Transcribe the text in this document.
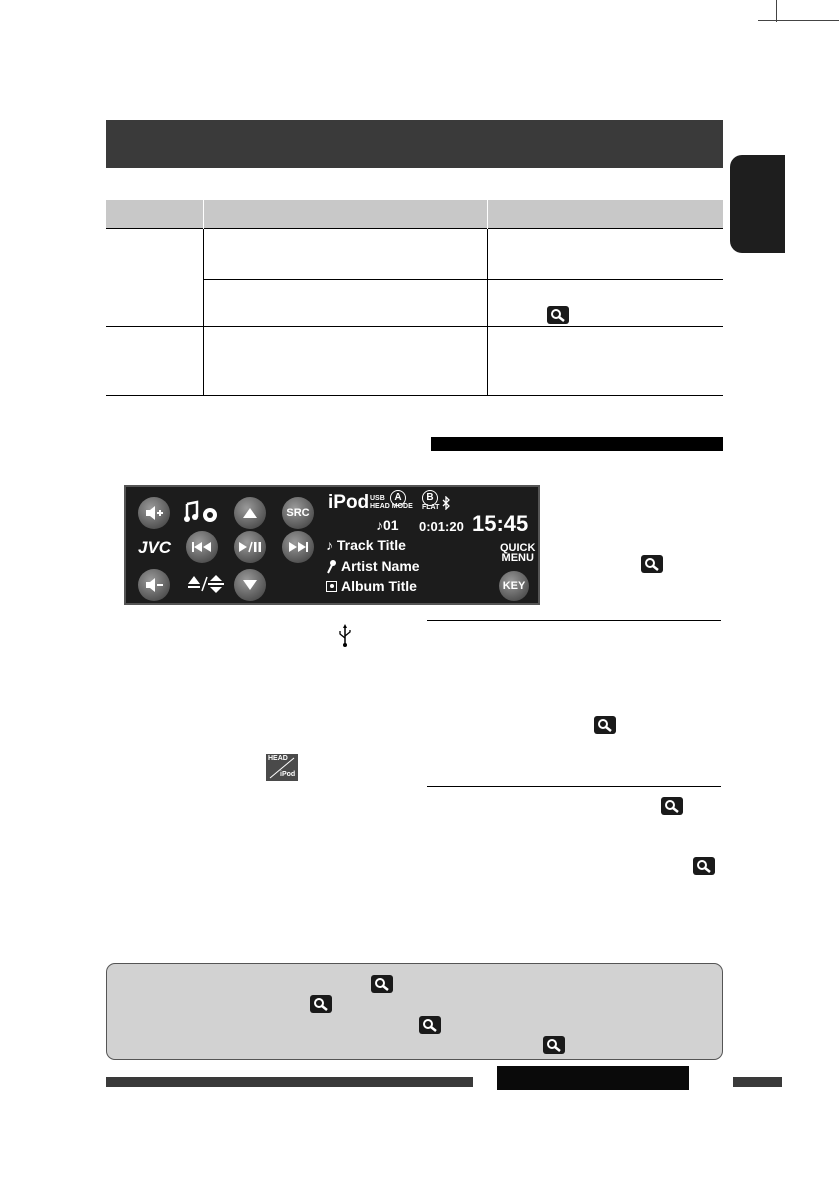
SRC
JVC
iPod USB
HEAD MODE
A	B
FLAT
♪01 0:01:20 15:45
♪ Track Title
Artist Name
Album Title
QUICK
MENU
KEY

HEAD
iPod
